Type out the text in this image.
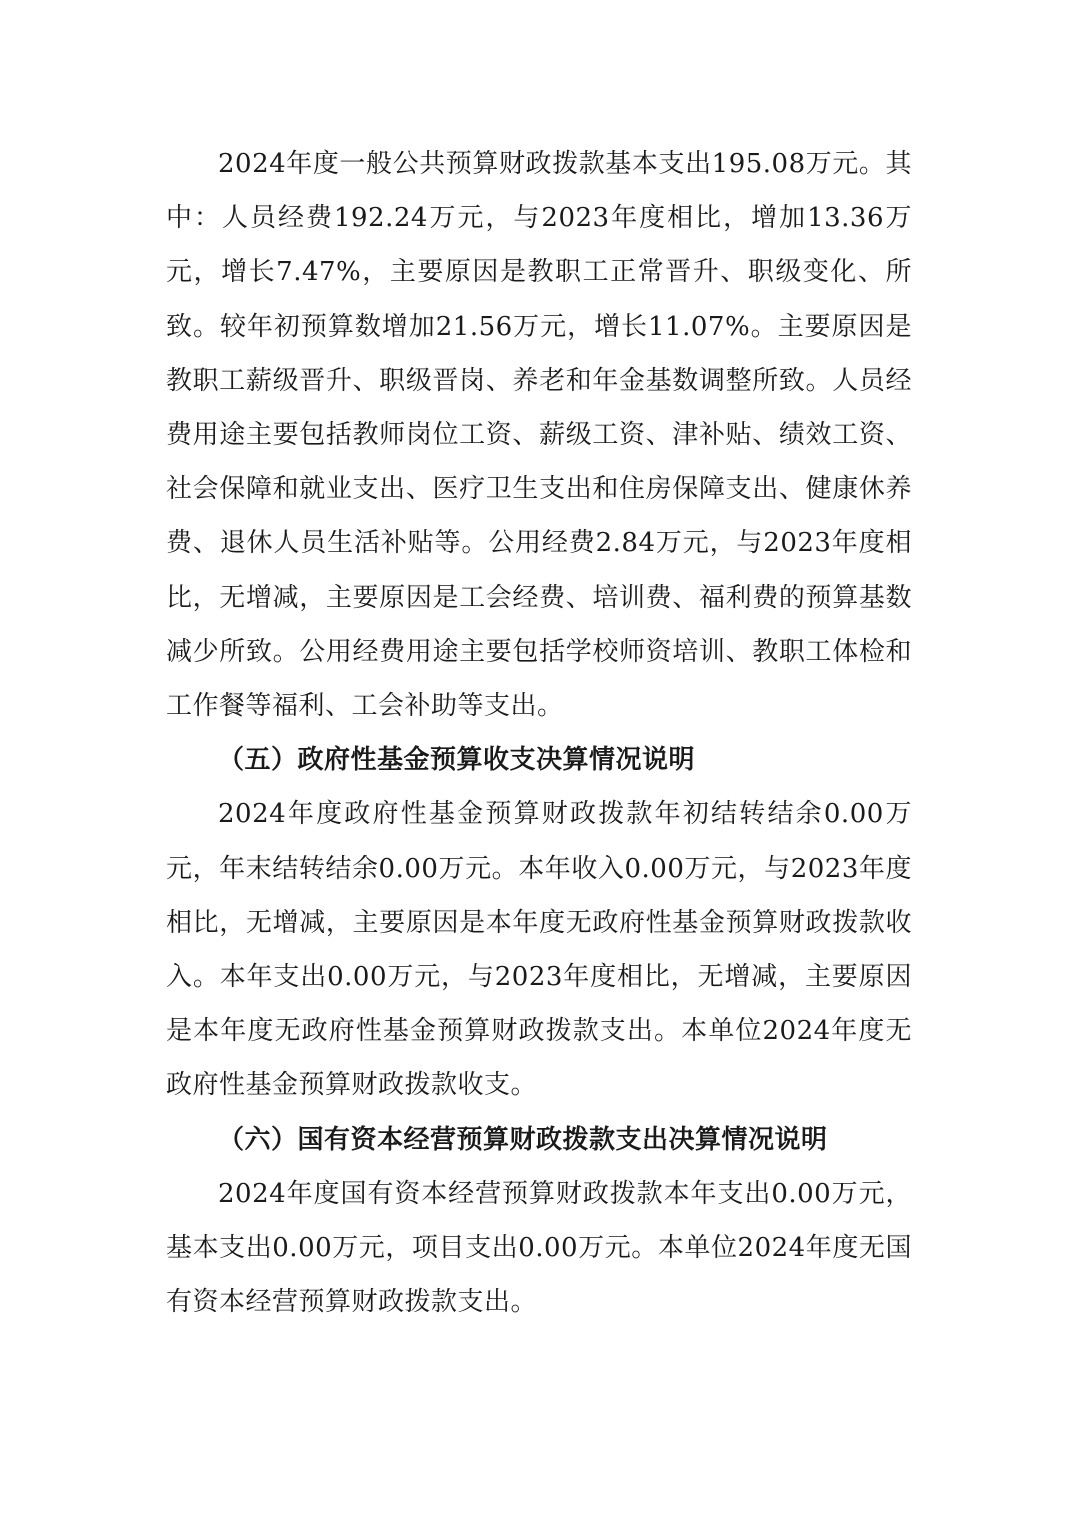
2024年度一般公共预算财政拨款基本支出195.08万元。其中：人员经费192.24万元，与2023年度相比，增加13.36万元，增长7.47%，主要原因是教职工正常晋升、职级变化、所致。较年初预算数增加21.56万元，增长11.07%。主要原因是教职工薪级晋升、职级晋岗、养老和年金基数调整所致。人员经费用途主要包括教师岗位工资、薪级工资、津补贴、绩效工资、社会保障和就业支出、医疗卫生支出和住房保障支出、健康休养费、退休人员生活补贴等。公用经费2.84万元，与2023年度相比，无增减，主要原因是工会经费、培训费、福利费的预算基数减少所致。公用经费用途主要包括学校师资培训、教职工体检和工作餐等福利、工会补助等支出。

（五）政府性基金预算收支决算情况说明

2024年度政府性基金预算财政拨款年初结转结余0.00万元，年末结转结余0.00万元。本年收入0.00万元，与2023年度相比，无增减，主要原因是本年度无政府性基金预算财政拨款收入。本年支出0.00万元，与2023年度相比，无增减，主要原因是本年度无政府性基金预算财政拨款支出。本单位2024年度无政府性基金预算财政拨款收支。

（六）国有资本经营预算财政拨款支出决算情况说明

2024年度国有资本经营预算财政拨款本年支出0.00万元，基本支出0.00万元，项目支出0.00万元。本单位2024年度无国有资本经营预算财政拨款支出。
